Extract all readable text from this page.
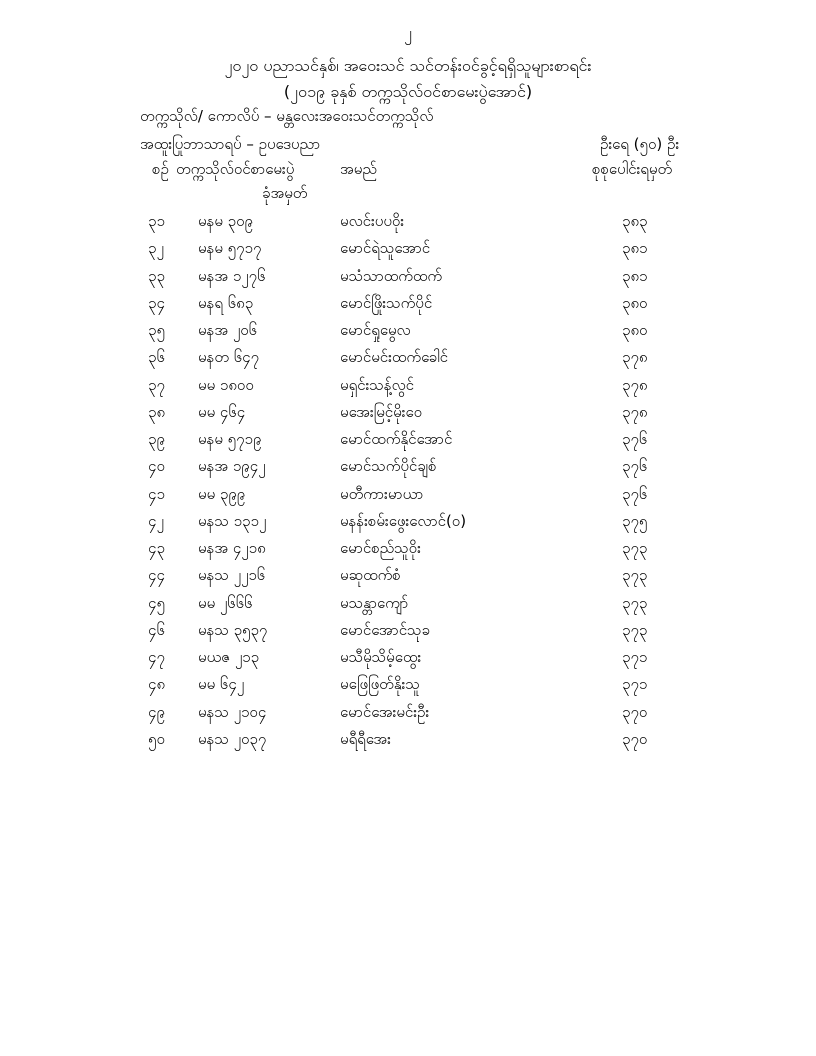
၂
၂၀၂၀ ပညာသင်နှစ်၊ အဝေးသင် သင်တန်းဝင်ခွင့်ရရှိသူများစာရင်း
(၂၀၁၉ ခုနှစ် တက္ကသိုလ်ဝင်စာမေးပွဲအောင်)
တက္ကသိုလ်/ ကောလိပ် – မန္တလေးအဝေးသင်တက္ကသိုလ်
အထူးပြုဘာသာရပ် – ဥပဒေပညာ	ဦးရေ (၅၀) ဦး
စဉ် တက္ကသိုလ်ဝင်စာမေးပွဲ
ခုံအမှတ်
အမည်	စုစုပေါင်းရမှတ်
၃၁ မနမ ၃၀၉	မလင်းပပဝိုး	၃၈၃
၃၂ မနမ ၅၇၁၇	မောင်ရဲသူအောင်	၃၈၁
၃၃ မနအ ၁၂၇၆	မသံသာထက်ထက်	၃၈၁
၃၄ မနရ ၆၈၃	မောင်ဖြိုးသက်ပိုင်	၃၈၀
၃၅ မနအ ၂၀၆	မောင်ရှုမွေလ	၃၈၀
၃၆ မနတ ၆၄၇	မောင်မင်းထက်ခေါင်	၃၇၈
၃၇ မမ ၁၈၀၀	မရှင်းသန့်လွင်	၃၇၈
၃၈ မမ ၄၆၄	မအေးမြင့်မိုးဝေ	၃၇၈
၃၉ မနမ ၅၇၁၉	မောင်ထက်နိုင်အောင်	၃၇၆
၄၀ မနအ ၁၉၄၂	မောင်သက်ပိုင်ချစ်	၃၇၆
၄၁ မမ ၃၉၉	မတီကားမာယာ	၃၇၆
၄၂ မနသ ၁၃၁၂	မနန်းစမ်းဖွေးလောင်(ဝ)	၃၇၅
၄၃ မနအ ၄၂၁၈	မောင်စည်သူဝိုး	၃၇၃
၄၄ မနသ ၂၂၁၆	မဆုထက်စံ	၃၇၃
၄၅ မမ ၂၆၆၆	မသန္တာကျော်	၃၇၃
၄၆ မနသ ၃၅၃၇	မောင်အောင်သုခ	၃၇၃
၄၇ မယဇ ၂၁၃	မသီမိုသိမ့်ထွေး	၃၇၁
၄၈ မမ ၆၄၂	မဖြေဖြတ်နိုးသူ	၃၇၁
၄၉ မနသ ၂၁၀၄	မောင်အေးမင်းဦး	၃၇၀
၅၀ မနသ ၂၀၃၇	မရီရီအေး	၃၇၀
